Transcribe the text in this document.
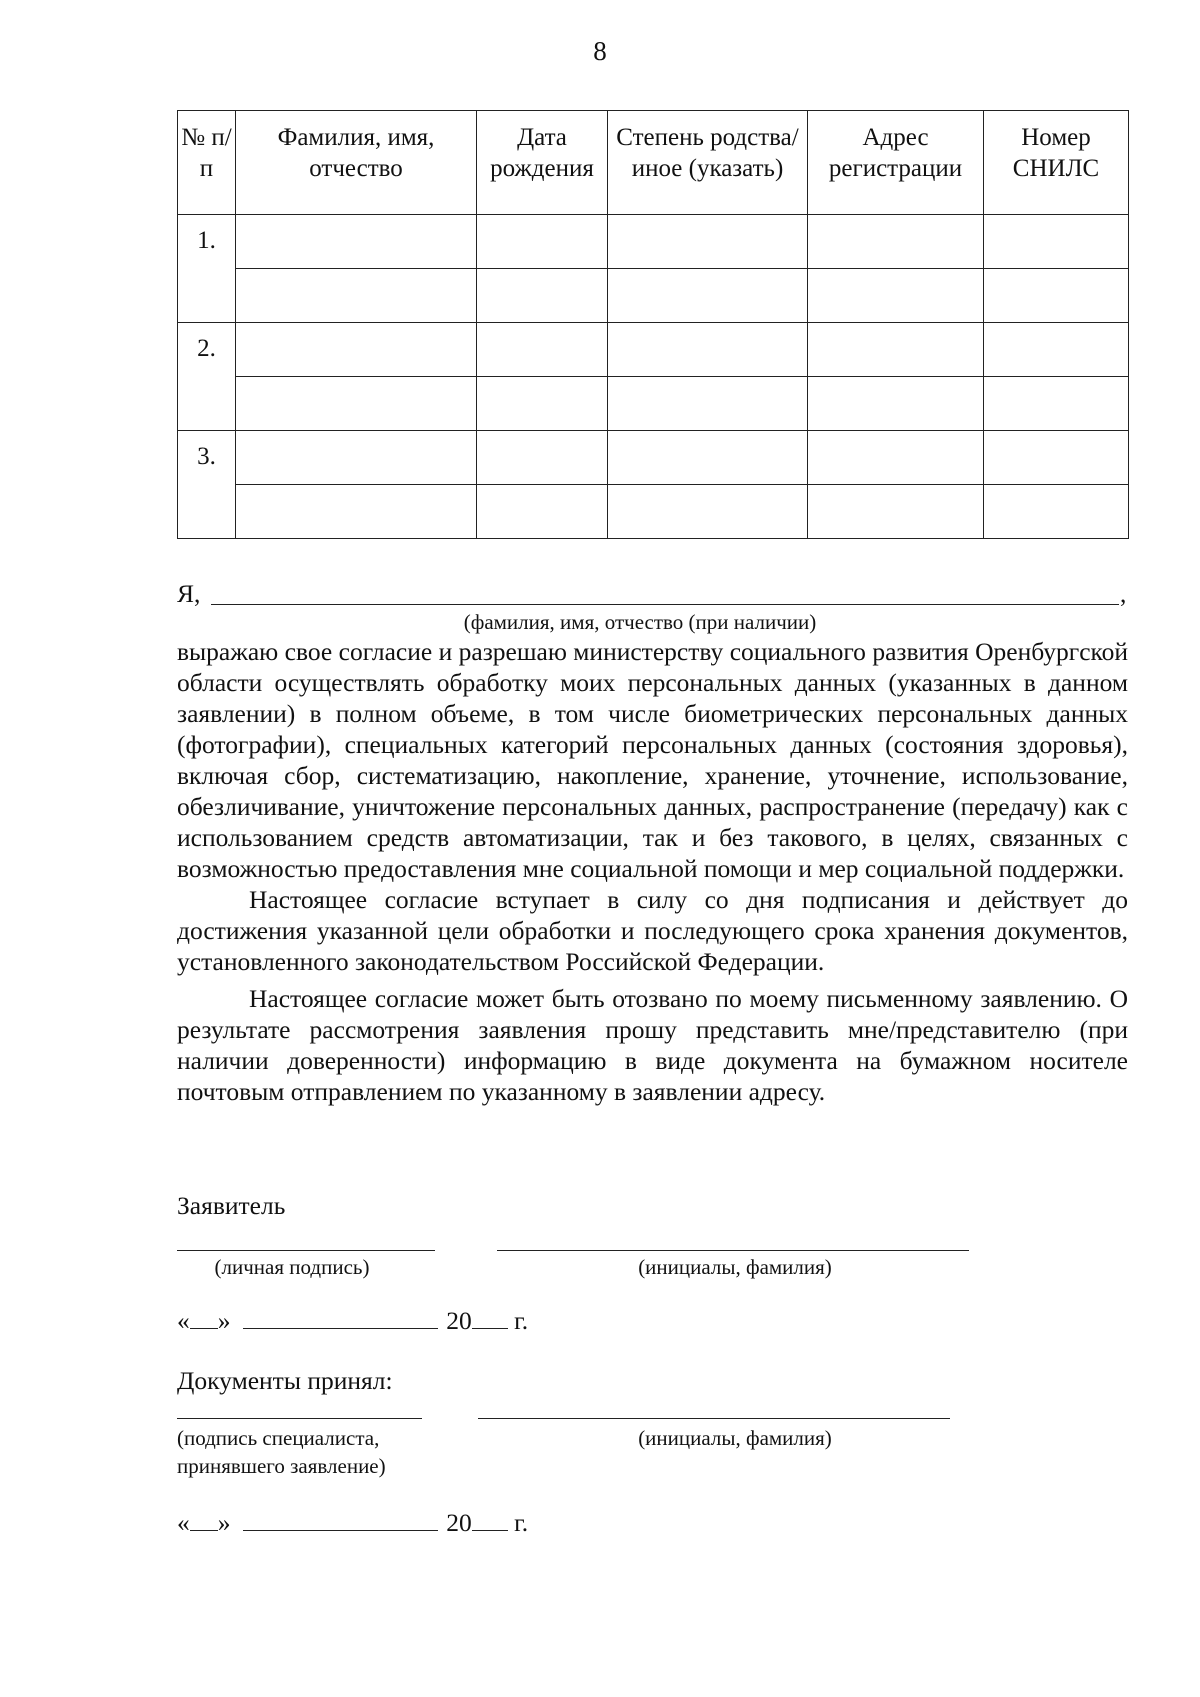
8
№ п/п	Фамилия, имя, отчество	Дата рождения	Степень родства/иное (указать)	Адрес регистрации	Номер СНИЛС
1.					

2.					

3.					

Я,	,
(фамилия, имя, отчество (при наличии)

выражаю свое согласие и разрешаю министерству социального развития Оренбургской области осуществлять обработку моих персональных данных (указанных в данном заявлении) в полном объеме, в том числе биометрических персональных данных (фотографии), специальных категорий персональных данных (состояния здоровья), включая сбор, систематизацию, накопление, хранение, уточнение, использование, обезличивание, уничтожение персональных данных, распространение (передачу) как с использованием средств автоматизации, так и без такового, в целях, связанных с возможностью предоставления мне социальной помощи и мер социальной поддержки.

Настоящее согласие вступает в силу со дня подписания и действует до достижения указанной цели обработки и последующего срока хранения документов, установленного законодательством Российской Федерации.

Настоящее согласие может быть отозвано по моему письменному заявлению. О результате рассмотрения заявления прошу представить мне/представителю (при наличии доверенности) информацию в виде документа на бумажном носителе почтовым отправлением по указанному в заявлении адресу.

Заявитель
(личная подпись)	(инициалы, фамилия)
« »	20 г.
Документы принял:
(подпись специалиста,
принявшего заявление)
(инициалы, фамилия)
« »	20 г.
